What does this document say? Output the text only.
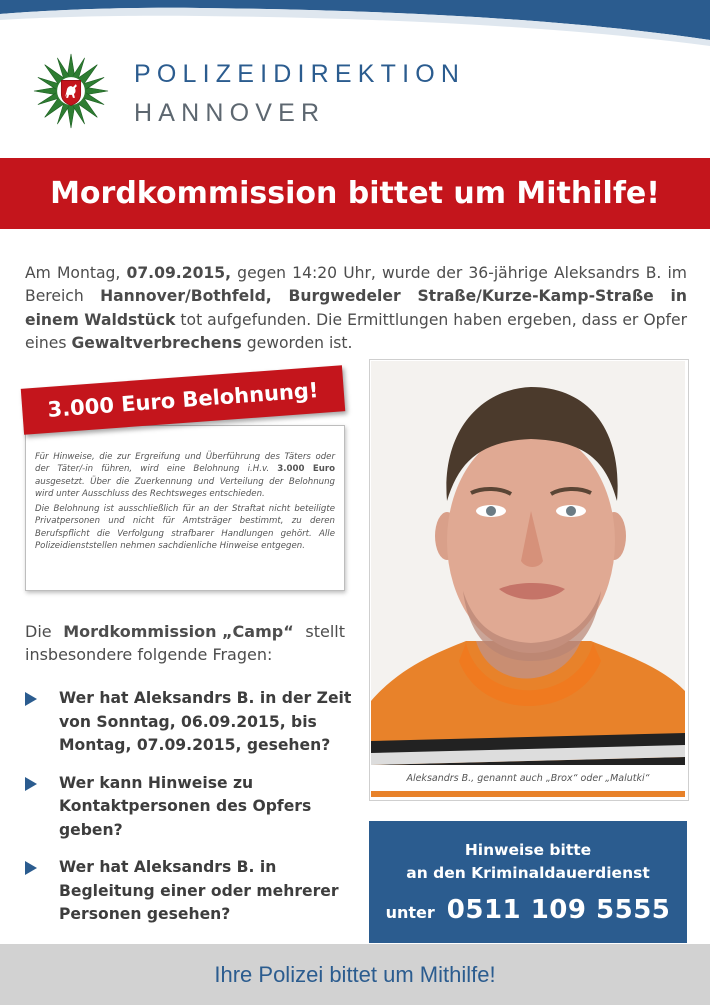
POLIZEIDIREKTION
HANNOVER
Mordkommission bittet um Mithilfe!
Am Montag, 07.09.2015, gegen 14:20 Uhr, wurde der 36-jährige Aleksandrs B. im Bereich Hannover/Bothfeld, Burgwedeler Straße/Kurze-Kamp-Straße in einem Waldstück tot aufgefunden. Die Ermittlungen haben ergeben, dass er Opfer eines Gewaltverbrechens geworden ist.

Für Hinweise, die zur Ergreifung und Überführung des Täters oder der Täter/-in führen, wird eine Belohnung i.H.v. 3.000 Euro ausgesetzt. Über die Zuerkennung und Verteilung der Belohnung wird unter Ausschluss des Rechtsweges entschieden.

Die Belohnung ist ausschließlich für an der Straftat nicht beteiligte Privatpersonen und nicht für Amtsträger bestimmt, zu deren Berufspflicht die Verfolgung strafbarer Handlungen gehört. Alle Polizeidienststellen nehmen sachdienliche Hinweise entgegen.

3.000 Euro Belohnung!
Die Mordkommission „Camp“ stellt
insbesondere folgende Fragen:
Wer hat Aleksandrs B. in der Zeit von Sonntag, 06.09.2015, bis Montag, 07.09.2015, gesehen?
Wer kann Hinweise zu Kontaktpersonen des Opfers geben?
Wer hat Aleksandrs B. in Begleitung einer oder mehrerer Personen gesehen?
Aleksandrs B., genannt auch „Brox“ oder „Malutki“
Hinweise bitte
an den Kriminaldauerdienst
unter 0511 109 5555
Ihre Polizei bittet um Mithilfe!
